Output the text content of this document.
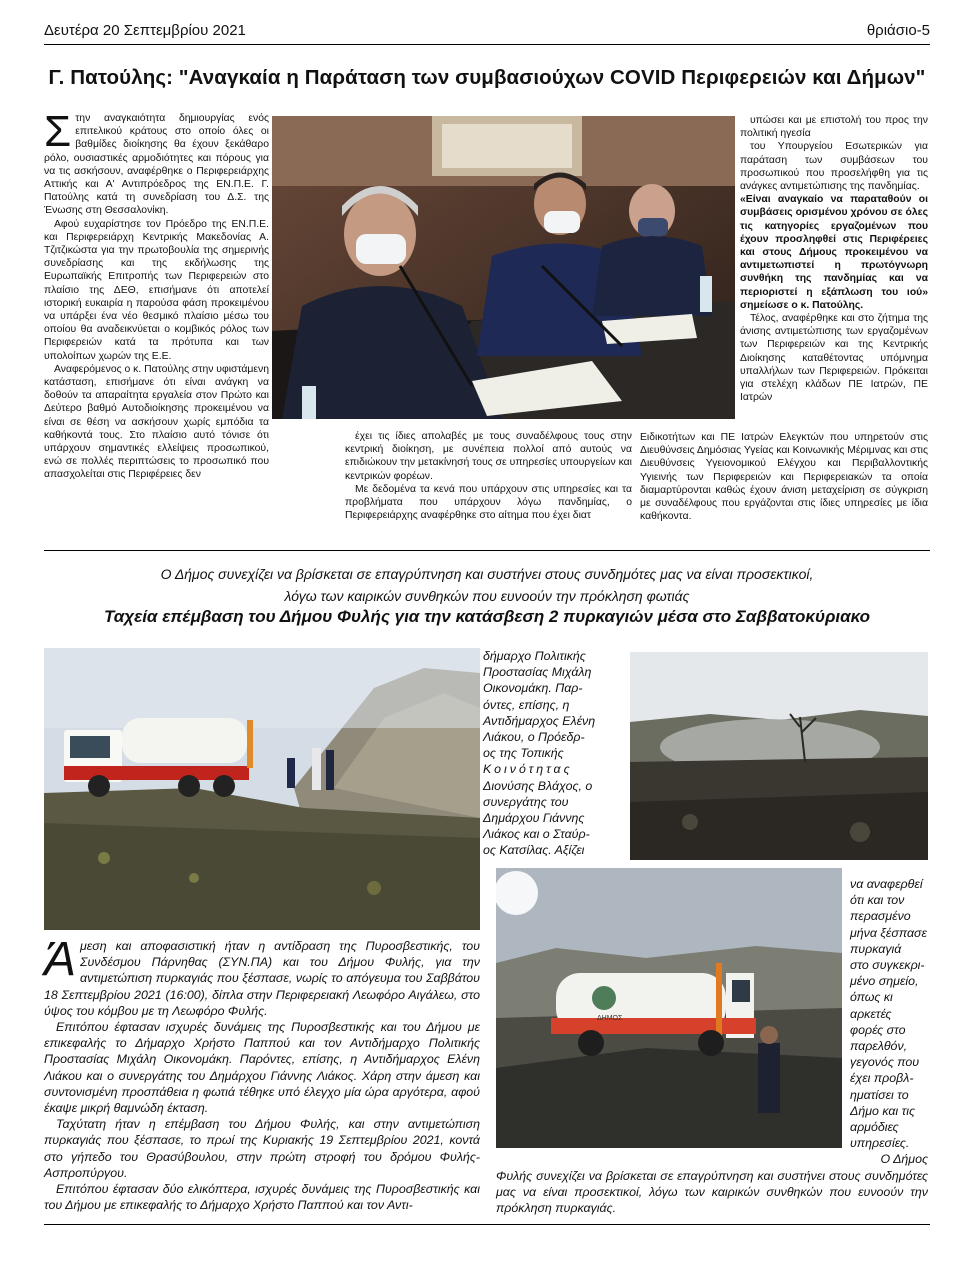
Δευτέρα 20 Σεπτεμβρίου 2021	θριάσιο-5
Γ. Πατούλης: "Αναγκαία η Παράταση των συμβασιούχων COVID Περιφερειών και Δήμων"

Στην αναγκαιότητα δημιουργίας ενός επιτελικού κράτους στο οποίο όλες οι βαθμίδες διοίκησης θα έχουν ξεκάθαρο ρόλο, ουσιαστικές αρμοδιότητες και πόρους για να τις ασκήσουν, αναφέρθηκε ο Περιφερειάρχης Αττικής και Α' Αντιπρόεδρος της ΕΝ.Π.Ε. Γ. Πατούλης κατά τη συνεδρίαση του Δ.Σ. της Ένωσης στη Θεσσαλονίκη.

Αφού ευχαρίστησε τον Πρόεδρο της ΕΝ.Π.Ε. και Περιφερειάρχη Κεντρικής Μακεδονίας Α. Τζιτζικώστα για την πρωτοβουλία της σημερινής συνεδρίασης και της εκδήλωσης της Ευρωπαϊκής Επιτροπής των Περιφερειών στο πλαίσιο της ΔΕΘ, επισήμανε ότι αποτελεί ιστορική ευκαιρία η παρούσα φάση προκειμένου να υπάρξει ένα νέο θεσμικό πλαίσιο μέσω του οποίου θα αναδεικνύεται ο κομβικός ρόλος των Περιφερειών κατά τα πρότυπα και των υπολοίπων χωρών της Ε.Ε.

Αναφερόμενος ο κ. Πατούλης στην υφιστάμενη κατάσταση, επισήμανε ότι είναι ανάγκη να δοθούν τα απαραίτητα εργαλεία στον Πρώτο και Δεύτερο βαθμό Αυτοδιοίκησης προκειμένου να είναι σε θέση να ασκήσουν χωρίς εμπόδια τα καθήκοντά τους. Στο πλαίσιο αυτό τόνισε ότι υπάρχουν σημαντικές ελλείψεις προσωπικού, ενώ σε πολλές περιπτώσεις το προσωπικό που απασχολείται στις Περιφέρειες δεν

έχει τις ίδιες απολαβές με τους συναδέλφους τους στην κεντρική διοίκηση, με συνέπεια πολλοί από αυτούς να επιδιώκουν την μετακίνησή τους σε υπηρεσίες υπουργείων και κεντρικών φορέων.

Με δεδομένα τα κενά που υπάρχουν στις υπηρεσίες και τα προβλήματα που υπάρχουν λόγω πανδημίας, ο Περιφερειάρχης αναφέρθηκε στο αίτημα που έχει διατ

υπώσει και με επιστολή του προς την πολιτική ηγεσία

του Υπουργείου Εσωτερικών για παράταση των συμβάσεων του προσωπικού που προσελήφθη για τις ανάγκες αντιμετώπισης της πανδημίας.

«Είναι αναγκαίο να παραταθούν οι συμβάσεις ορισμένου χρόνου σε όλες τις κατηγορίες εργαζομένων που έχουν προσληφθεί στις Περιφέρειες και στους Δήμους προκειμένου να αντιμετωπιστεί η πρωτόγνωρη συνθήκη της πανδημίας και να περιοριστεί η εξάπλωση του ιού» σημείωσε ο κ. Πατούλης.

Τέλος, αναφέρθηκε και στο ζήτημα της άνισης αντιμετώπισης των εργαζομένων των Περιφερειών και της Κεντρικής Διοίκησης καταθέτοντας υπόμνημα υπαλλήλων των Περιφερειών. Πρόκειται για στελέχη κλάδων ΠΕ Ιατρών, ΠΕ Ιατρών

Ειδικοτήτων και ΠΕ Ιατρών Ελεγκτών που υπηρετούν στις Διευθύνσεις Δημόσιας Υγείας και Κοινωνικής Μέριμνας και στις Διευθύνσεις Υγειονομικού Ελέγχου και Περιβαλλοντικής Υγιεινής των Περιφερειών και Περιφερειακών τα οποία διαμαρτύρονται καθώς έχουν άνιση μεταχείριση σε σύγκριση με συναδέλφους που εργάζονται στις ίδιες υπηρεσίες με ίδια καθήκοντα.

Ο Δήμος συνεχίζει να βρίσκεται σε επαγρύπνηση και συστήνει στους συνδημότες μας να είναι προσεκτικοί,
λόγω των καιρικών συνθηκών που ευνοούν την πρόκληση φωτιάς
Ταχεία επέμβαση του Δήμου Φυλής για την κατάσβεση 2 πυρκαγιών μέσα στο Σαββατοκύριακο
δήμαρχο Πολιτικής
Προστασίας Μιχάλη
Οικονομάκη. Παρ-
όντες, επίσης, η
Αντιδήμαρχος Ελένη
Λιάκου, ο Πρόεδρ-
ος της Τοπικής
Κοινότητας
Διονύσης Βλάχος, ο
συνεργάτης του
Δημάρχου Γιάννης
Λιάκος και ο Σταύρ-
ος Κατσίλας. Αξίζει
ΔΗΜΟΣ
να αναφερθεί
ότι και τον
περασμένο
μήνα ξέσπασε
πυρκαγιά
στο συγκεκρι-
μένο σημείο,
όπως κι
αρκετές
φορές στο
παρελθόν,
γεγονός που
έχει προβλ-
ηματίσει το
Δήμο και τις
αρμόδιες
υπηρεσίες.
Ο Δήμος

Φυλής συνεχίζει να βρίσκεται σε επαγρύπνηση και συστήνει στους συνδημότες μας να είναι προσεκτικοί, λόγω των καιρικών συνθηκών που ευνοούν την πρόκληση πυρκαγιάς.

Άμεση και αποφασιστική ήταν η αντίδραση της Πυροσβεστικής, του Συνδέσμου Πάρνηθας (ΣΥΝ.ΠΑ) και του Δήμου Φυλής, για την αντιμετώπιση πυρκαγιάς που ξέσπασε, νωρίς το απόγευμα του Σαββάτου 18 Σεπτεμβρίου 2021 (16:00), δίπλα στην Περιφερειακή Λεωφόρο Αιγάλεω, στο ύψος του κόμβου με τη Λεωφόρο Φυλής.

Επιτόπου έφτασαν ισχυρές δυνάμεις της Πυροσβεστικής και του Δήμου με επικεφαλής το Δήμαρχο Χρήστο Παππού και τον Αντιδήμαρχο Πολιτικής Προστασίας Μιχάλη Οικονομάκη. Παρόντες, επίσης, η Αντιδήμαρχος Ελένη Λιάκου και ο συνεργάτης του Δημάρχου Γιάννης Λιάκος. Χάρη στην άμεση και συντονισμένη προσπάθεια η φωτιά τέθηκε υπό έλεγχο μία ώρα αργότερα, αφού έκαψε μικρή θαμνώδη έκταση.

Ταχύτατη ήταν η επέμβαση του Δήμου Φυλής, και στην αντιμετώπιση πυρκαγιάς που ξέσπασε, το πρωί της Κυριακής 19 Σεπτεμβρίου 2021, κοντά στο γήπεδο του Θρασύβουλου, στην πρώτη στροφή του δρόμου Φυλής-Ασπροπύργου.

Επιτόπου έφτασαν δύο ελικόπτερα, ισχυρές δυνάμεις της Πυροσβεστικής και του Δήμου με επικεφαλής το Δήμαρχο Χρήστο Παππού και τον Αντι-
